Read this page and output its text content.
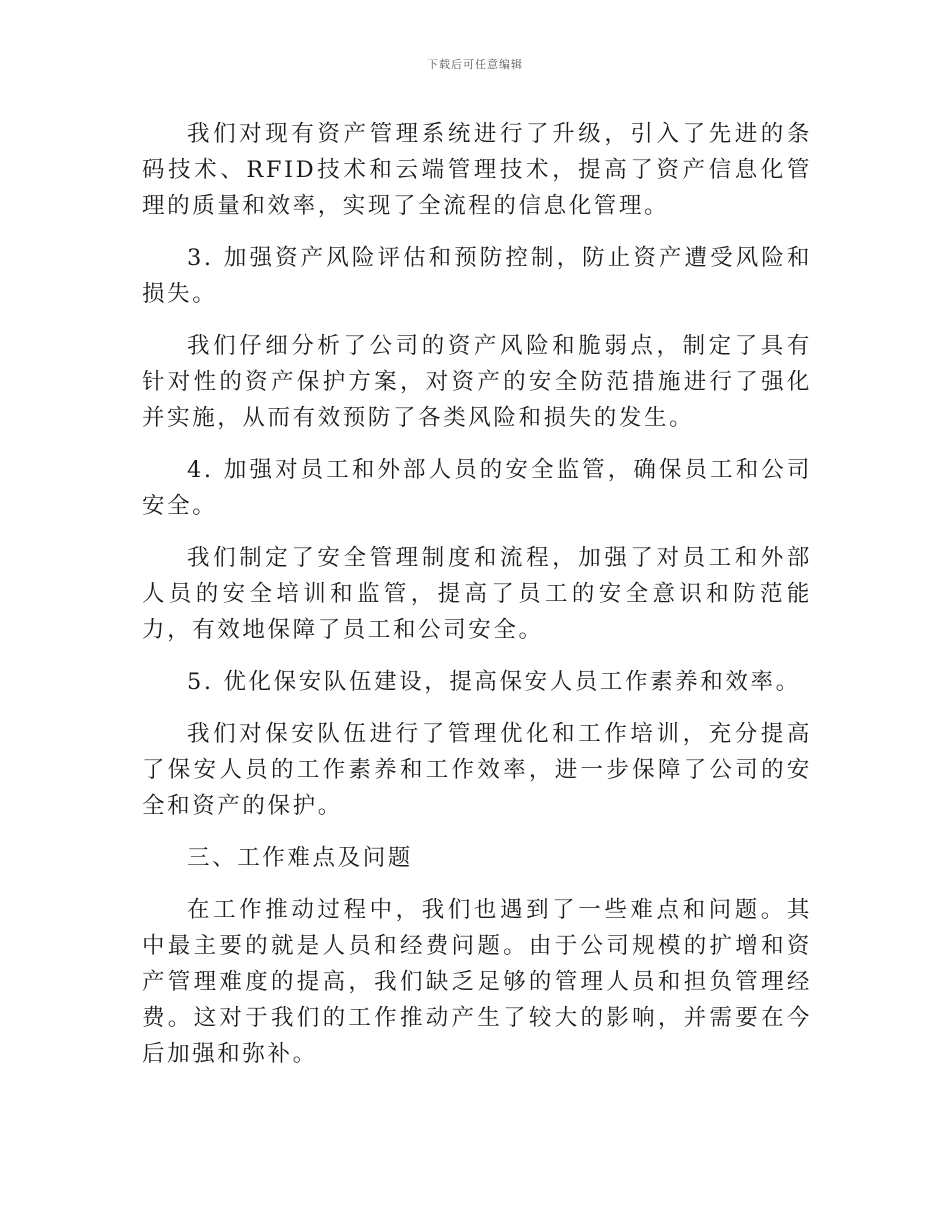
下载后可任意编辑

我们对现有资产管理系统进行了升级，引入了先进的条码技术、RFID技术和云端管理技术，提高了资产信息化管理的质量和效率，实现了全流程的信息化管理。

3. 加强资产风险评估和预防控制，防止资产遭受风险和损失。

我们仔细分析了公司的资产风险和脆弱点，制定了具有针对性的资产保护方案，对资产的安全防范措施进行了强化并实施，从而有效预防了各类风险和损失的发生。

4. 加强对员工和外部人员的安全监管，确保员工和公司安全。

我们制定了安全管理制度和流程，加强了对员工和外部人员的安全培训和监管，提高了员工的安全意识和防范能力，有效地保障了员工和公司安全。

5. 优化保安队伍建设，提高保安人员工作素养和效率。

我们对保安队伍进行了管理优化和工作培训，充分提高了保安人员的工作素养和工作效率，进一步保障了公司的安全和资产的保护。

三、工作难点及问题

在工作推动过程中，我们也遇到了一些难点和问题。其中最主要的就是人员和经费问题。由于公司规模的扩增和资产管理难度的提高，我们缺乏足够的管理人员和担负管理经费。这对于我们的工作推动产生了较大的影响，并需要在今后加强和弥补。
